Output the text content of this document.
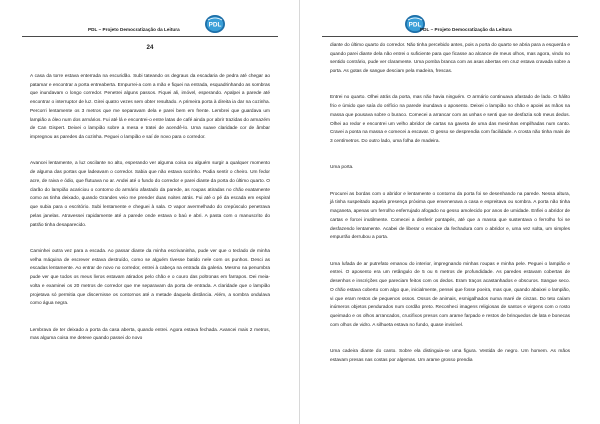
PDL – Projeto Democratização da Leitura
PDL
24

A casa da torre estava enterrada na escuridão. Subi tateando os degraus da escadaria de pedra até chegar ao patamar e encontrar a porta entreaberta. Empurrei-a com a mão e fiquei na entrada, esquadrinhando as sombras que inundavam o longo corredor. Penetrei alguns passos. Fiquei ali, imóvel, esperando. Apalpei a parede até encontrar o interruptor de luz. Girei quatro vezes sem obter resultado. A primeira porta à direita ia dar na cozinha. Percorri lentamente os 3 metros que me separavam dela e parei bem em frente. Lembrei que guardava um lampião a óleo num dos armários. Fui até lá e encontrei-o entre latas de café ainda por abrir trazidas do armazém de Can Gispert. Deixei o lampião sobre a mesa e tratei de acendê-lo. Uma suave claridade cor de âmbar impregnou as paredes da cozinha. Peguei o lampião e saí de novo para o corredor.

Avancei lentamente, a luz oscilante no alto, esperando ver alguma coisa ou alguém surgir a qualquer momento de alguma das portas que ladeavam o corredor. Sabia que não estava sozinho. Podia sentir o cheiro. Um fedor acre, de raiva e ódio, que flutuava no ar. Andei até o fundo do corredor e parei diante da porta do último quarto. O clarão do lampião acariciou o contorno do armário afastado da parede, as roupas atiradas no chão exatamente como as tinha deixado, quando Grandes veio me prender duas noites atrás. Fui até o pé da escada em espiral que subia para o escritório. Subi lentamente e cheguei à sala. O vapor avermelhado do crepúsculo penetrava pelas janelas. Atravessei rapidamente até a parede onde estava o baú e abri. A pasta com o manuscrito do patrão tinha desaparecido.

Caminhei outra vez para a escada. Ao passar diante da minha escrivaninha, pude ver que o teclado de minha velha máquina de escrever estava destruído, como se alguém tivesse batido nele com os punhos. Desci as escadas lentamente. Ao entrar de novo no corredor, entrei à cabeça na entrada da galeria. Mesmo na penumbra pude ver que todos os meus livros estavam atirados pelo chão e o couro das poltronas em farrapos. Dei meia-volta e examinei os 20 metros de corredor que me separavam da porta de entrada. A claridade que o lampião projetava só permitia que discernisse os contornos até a metade daquela distância. Além, a sombra ondulava como água negra.

Lembrava de ter deixado a porta da casa aberta, quando entrei. Agora estava fechada. Avancei mais 2 metros, mas alguma coisa me deteve quando passei do novo

PDL
PDL – Projeto Democratização da Leitura

diante do último quarto do corredor. Não tinha percebido antes, pois a porta do quarto se abria para a esquerda e quando parei diante dela não entrei o suficiente para que ficasse ao alcance de meus olhos, mas agora, vindo no sentido contrário, pude ver claramente. Uma pomba branca com as asas abertas em cruz estava cravada sobre a porta. As gotas de sangue desciam pela madeira, frescas.

Entrei no quarto. Olhei atrás da porta, mas não havia ninguém. O armário continuava afastado de lado. O hálito frio e úmido que saía do orifício na parede inundava o aposento. Deixei o lampião no chão e apoiei as mãos na massa que pousava sobre o buraco. Comecei a arrancar com as unhas e senti que se desfazia sob meus dedos. Olhei ao redor e encontrei um velho abridor de cartas na gaveta de uma das mesinhas empilhadas num canto. Cravei a ponta na massa e comecei a escavar. O gesso se desprendia com facilidade. A crosta não tinha mais de 3 centímetros. Do outro lado, uma folha de madeira.

Uma porta.

Procurei as bordas com o abridor e lentamente o contorno da porta foi se desenhando na parede. Nessa altura, já tinha suspeitado aquela presença próxima que envenenava a casa e espreitava ou sombra. A porta não tinha maçaneta, apenas um ferrolho enferrujado afogado no gesso amolecido por anos de umidade. Enfiei o abridor de cartas e forcei inutilmente. Comecei a desferir pontapés, até que a massa que sustentava o ferrolho foi se desfazendo lentamente. Acabei de liberar o encaixe da fechadura com o abridor e, uma vez solta, um simples empurrão derrubou a porta.

Uma lufada de ar putrefato emanou do interior, impregnando minhas roupas e minha pele. Peguei o lampião e entrei. O aposento era um retângulo de 5 ou 6 metros de profundidade. As paredes estavam cobertas de desenhos e inscrições que pareciam feitos com os dedos. Eram traços acastanhados e obscuros. Sangue seco. O chão estava coberto com algo que, inicialmente, pensei que fosse poeira, mas que, quando abaixei o lampião, vi que eram restos de pequenos ossos. Ossos de animais, esmigalhados numa maré de cinzas. Do teto caíam inúmeros objetos pendurados num cordão preto. Reconheci imagens religiosas de santos e virgens com o rosto queimado e os olhos arrancados, crucifixos presos com arame farpado e restos de brinquedos de lata e bonecas com olhos de vidro. A silhueta estava no fundo, quase invisível.

Uma cadeira diante do canto. Sobre ela distinguia-se uma figura. Vestida de negro. Um homem. As mãos estavam presas nas costas por algemas. Um arame grosso prendia
